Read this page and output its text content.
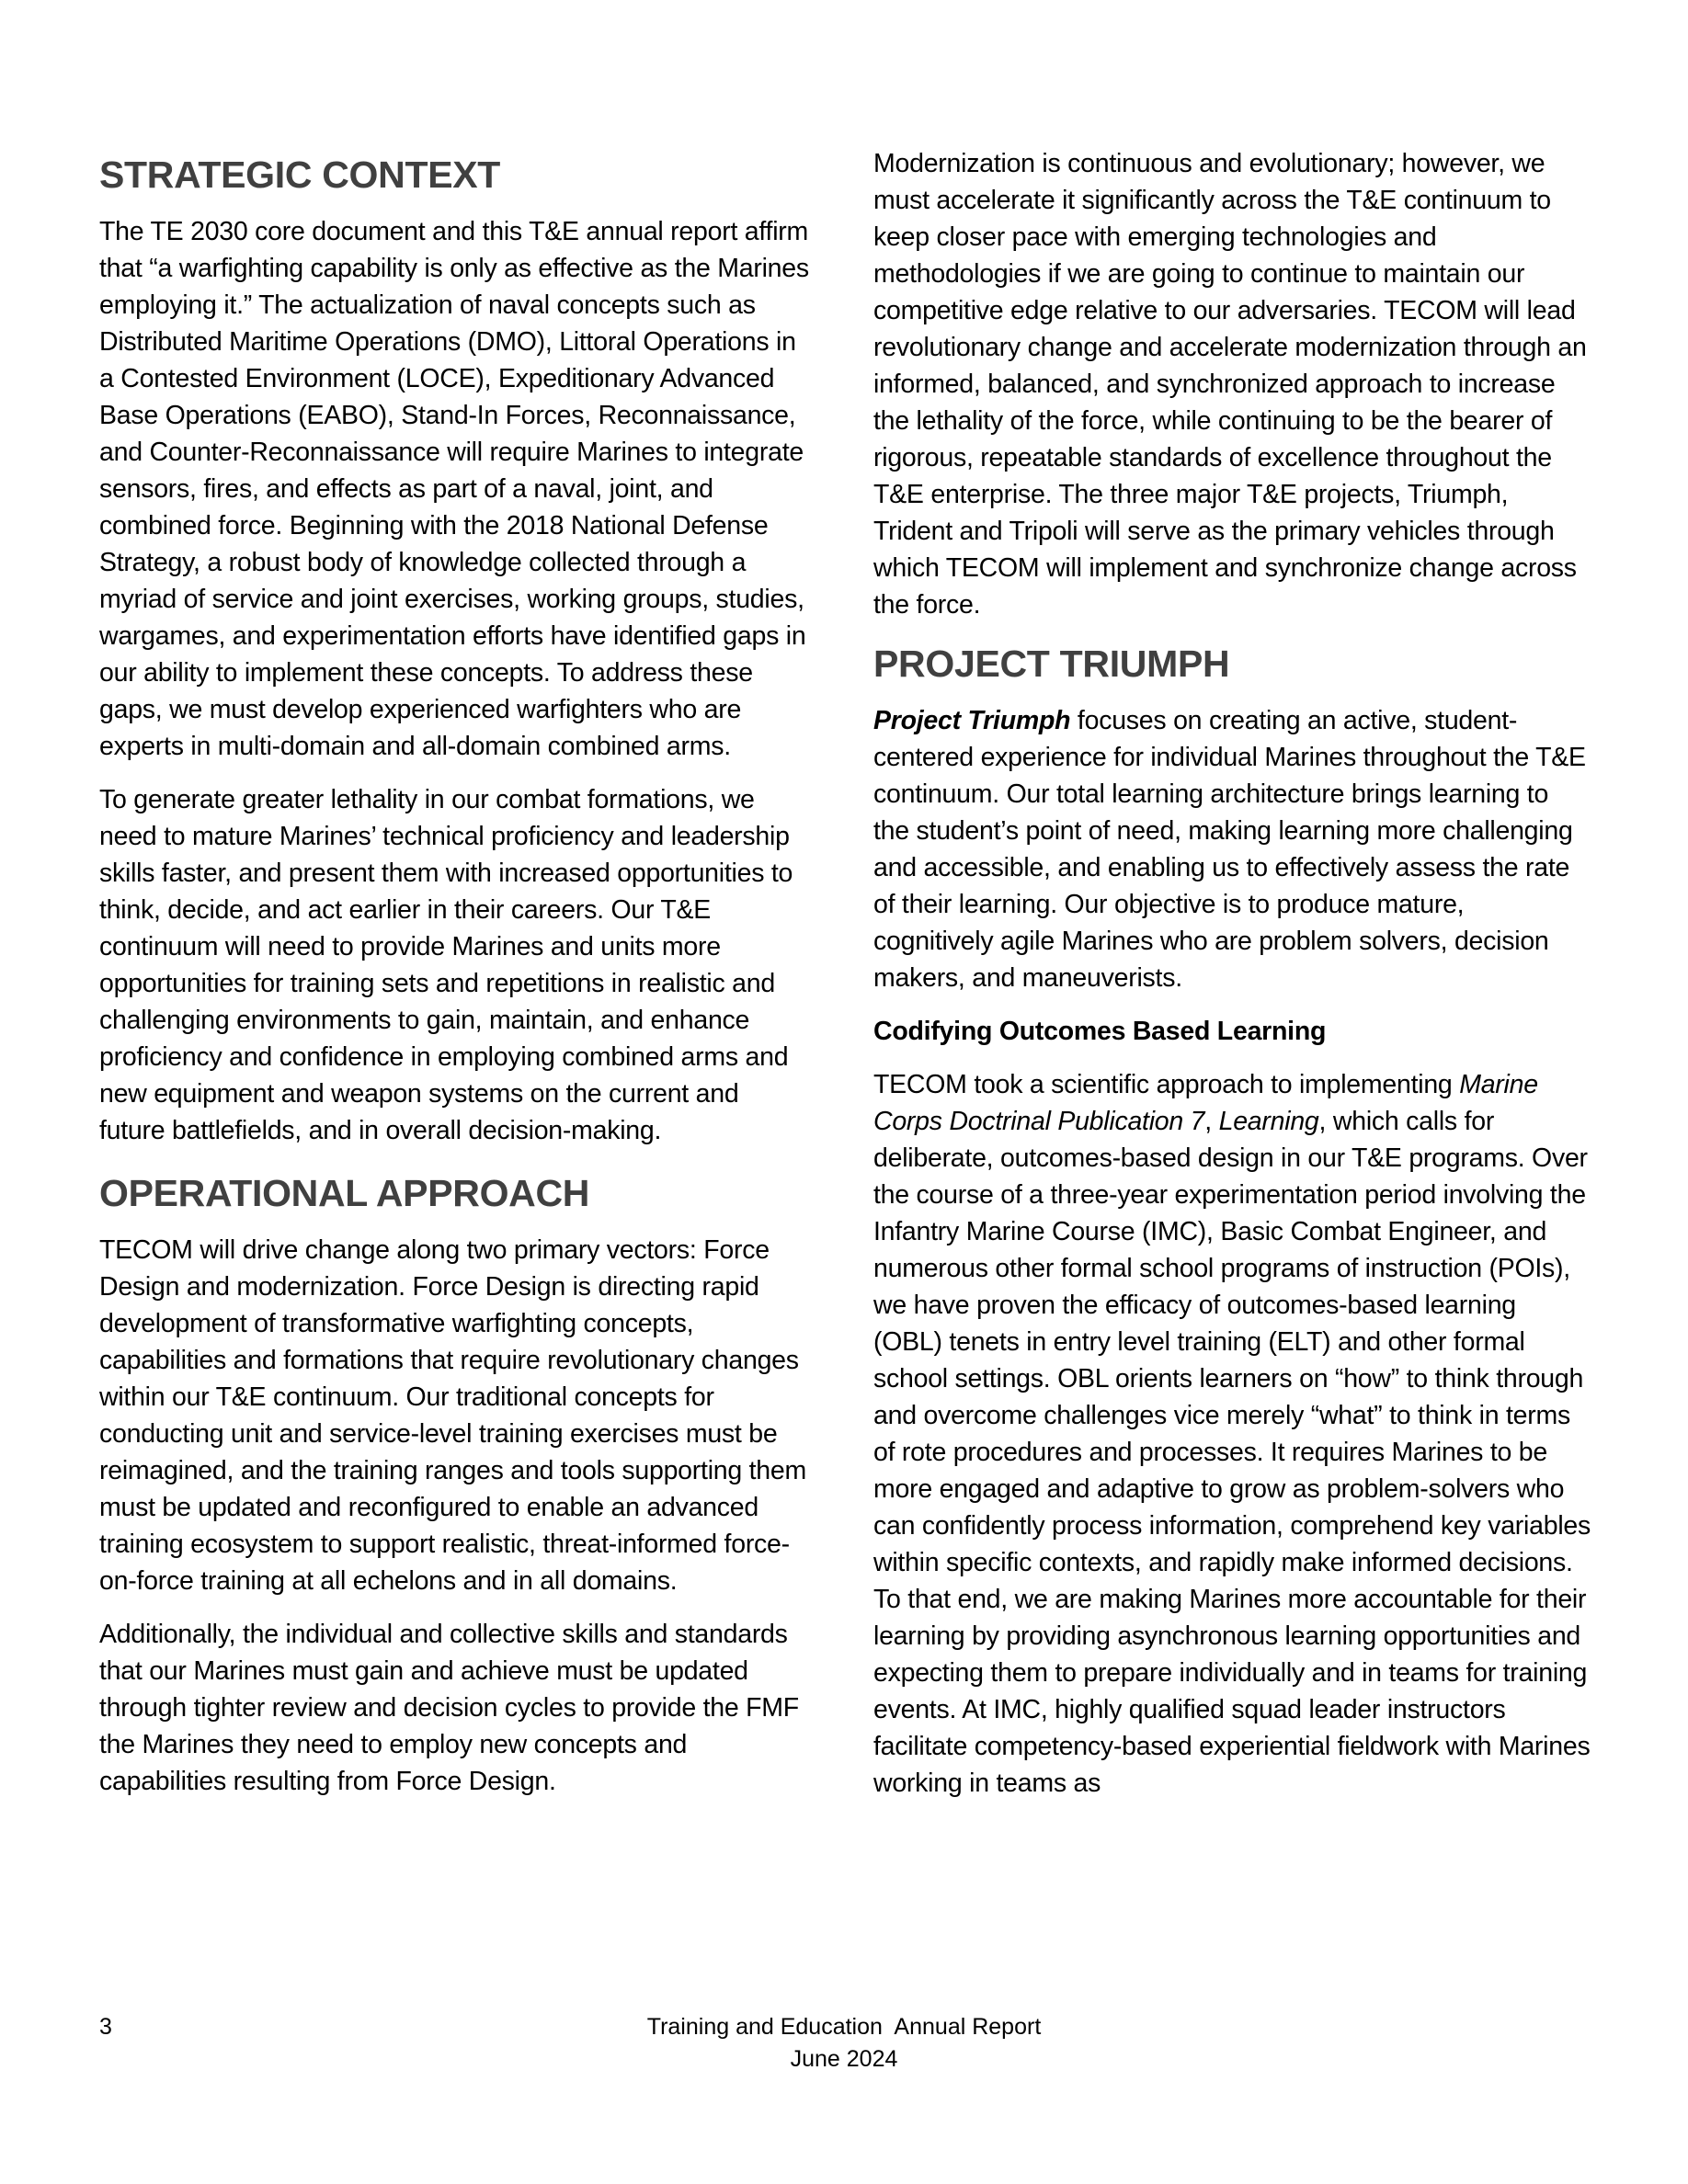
STRATEGIC CONTEXT

The TE 2030 core document and this T&E annual report affirm that “a warfighting capability is only as effective as the Marines employing it.” The actualization of naval concepts such as Distributed Maritime Operations (DMO), Littoral Operations in a Contested Environment (LOCE), Expeditionary Advanced Base Operations (EABO), Stand-In Forces, Reconnaissance, and Counter-Reconnaissance will require Marines to integrate sensors, fires, and effects as part of a naval, joint, and combined force. Beginning with the 2018 National Defense Strategy, a robust body of knowledge collected through a myriad of service and joint exercises, working groups, studies, wargames, and experimentation efforts have identified gaps in our ability to implement these concepts. To address these gaps, we must develop experienced warfighters who are experts in multi-domain and all-domain combined arms.

To generate greater lethality in our combat formations, we need to mature Marines’ technical proficiency and leadership skills faster, and present them with increased opportunities to think, decide, and act earlier in their careers. Our T&E continuum will need to provide Marines and units more opportunities for training sets and repetitions in realistic and challenging environments to gain, maintain, and enhance proficiency and confidence in employing combined arms and new equipment and weapon systems on the current and future battlefields, and in overall decision-making.

OPERATIONAL APPROACH

TECOM will drive change along two primary vectors: Force Design and modernization. Force Design is directing rapid development of transformative warfighting concepts, capabilities and formations that require revolutionary changes within our T&E continuum. Our traditional concepts for conducting unit and service-level training exercises must be reimagined, and the training ranges and tools supporting them must be updated and reconfigured to enable an advanced training ecosystem to support realistic, threat-informed force-on-force training at all echelons and in all domains.

Additionally, the individual and collective skills and standards that our Marines must gain and achieve must be updated through tighter review and decision cycles to provide the FMF the Marines they need to employ new concepts and capabilities resulting from Force Design.

Modernization is continuous and evolutionary; however, we must accelerate it significantly across the T&E continuum to keep closer pace with emerging technologies and methodologies if we are going to continue to maintain our competitive edge relative to our adversaries. TECOM will lead revolutionary change and accelerate modernization through an informed, balanced, and synchronized approach to increase the lethality of the force, while continuing to be the bearer of rigorous, repeatable standards of excellence throughout the T&E enterprise. The three major T&E projects, Triumph, Trident and Tripoli will serve as the primary vehicles through which TECOM will implement and synchronize change across the force.

PROJECT TRIUMPH

Project Triumph focuses on creating an active, student-centered experience for individual Marines throughout the T&E continuum. Our total learning architecture brings learning to the student’s point of need, making learning more challenging and accessible, and enabling us to effectively assess the rate of their learning. Our objective is to produce mature, cognitively agile Marines who are problem solvers, decision makers, and maneuverists.

Codifying Outcomes Based Learning

TECOM took a scientific approach to implementing Marine Corps Doctrinal Publication 7, Learning, which calls for deliberate, outcomes-based design in our T&E programs. Over the course of a three-year experimentation period involving the Infantry Marine Course (IMC), Basic Combat Engineer, and numerous other formal school programs of instruction (POIs), we have proven the efficacy of outcomes-based learning (OBL) tenets in entry level training (ELT) and other formal school settings. OBL orients learners on “how” to think through and overcome challenges vice merely “what” to think in terms of rote procedures and processes. It requires Marines to be more engaged and adaptive to grow as problem-solvers who can confidently process information, comprehend key variables within specific contexts, and rapidly make informed decisions. To that end, we are making Marines more accountable for their learning by providing asynchronous learning opportunities and expecting them to prepare individually and in teams for training events. At IMC, highly qualified squad leader instructors facilitate competency-based experiential fieldwork with Marines working in teams as

3	Training and Education  Annual Report
June 2024
